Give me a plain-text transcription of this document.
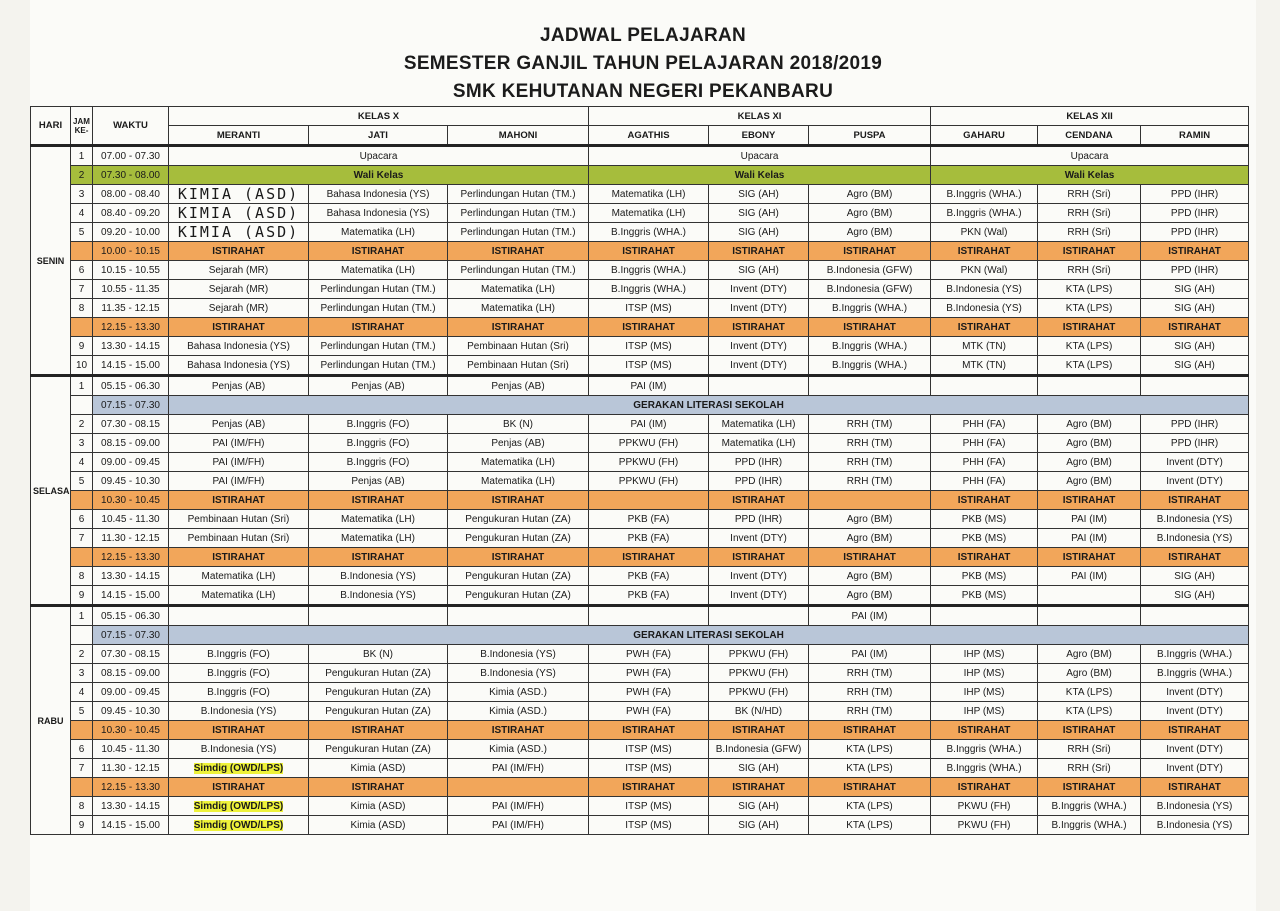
JADWAL PELAJARAN
SEMESTER GANJIL TAHUN PELAJARAN 2018/2019
SMK KEHUTANAN NEGERI PEKANBARU
HARI	JAM KE-	WAKTU	KELAS X			KELAS XI			KELAS XII		
			MERANTI	JATI	MAHONI	AGATHIS	EBONY	PUSPA	GAHARU	CENDANA	RAMIN
SENIN	1	07.00 - 07.30	Upacara			Upacara			Upacara		
	2	07.30 - 08.00	Wali Kelas			Wali Kelas			Wali Kelas		
	3	08.00 - 08.40	KIMIA (ASD)	Bahasa Indonesia (YS)	Perlindungan Hutan (TM.)	Matematika (LH)	SIG (AH)	Agro (BM)	B.Inggris (WHA.)	RRH (Sri)	PPD (IHR)
	4	08.40 - 09.20	KIMIA (ASD)	Bahasa Indonesia (YS)	Perlindungan Hutan (TM.)	Matematika (LH)	SIG (AH)	Agro (BM)	B.Inggris (WHA.)	RRH (Sri)	PPD (IHR)
	5	09.20 - 10.00	KIMIA (ASD)	Matematika (LH)	Perlindungan Hutan (TM.)	B.Inggris (WHA.)	SIG (AH)	Agro (BM)	PKN (Wal)	RRH (Sri)	PPD (IHR)
		10.00 - 10.15	ISTIRAHAT	ISTIRAHAT	ISTIRAHAT	ISTIRAHAT	ISTIRAHAT	ISTIRAHAT	ISTIRAHAT	ISTIRAHAT	ISTIRAHAT
	6	10.15 - 10.55	Sejarah (MR)	Matematika (LH)	Perlindungan Hutan (TM.)	B.Inggris (WHA.)	SIG (AH)	B.Indonesia (GFW)	PKN (Wal)	RRH (Sri)	PPD (IHR)
	7	10.55 - 11.35	Sejarah (MR)	Perlindungan Hutan (TM.)	Matematika (LH)	B.Inggris (WHA.)	Invent (DTY)	B.Indonesia (GFW)	B.Indonesia (YS)	KTA (LPS)	SIG (AH)
	8	11.35 - 12.15	Sejarah (MR)	Perlindungan Hutan (TM.)	Matematika (LH)	ITSP (MS)	Invent (DTY)	B.Inggris (WHA.)	B.Indonesia (YS)	KTA (LPS)	SIG (AH)
		12.15 - 13.30	ISTIRAHAT	ISTIRAHAT	ISTIRAHAT	ISTIRAHAT	ISTIRAHAT	ISTIRAHAT	ISTIRAHAT	ISTIRAHAT	ISTIRAHAT
	9	13.30 - 14.15	Bahasa Indonesia (YS)	Perlindungan Hutan (TM.)	Pembinaan Hutan (Sri)	ITSP (MS)	Invent (DTY)	B.Inggris (WHA.)	MTK (TN)	KTA (LPS)	SIG (AH)
	10	14.15 - 15.00	Bahasa Indonesia (YS)	Perlindungan Hutan (TM.)	Pembinaan Hutan (Sri)	ITSP (MS)	Invent (DTY)	B.Inggris (WHA.)	MTK (TN)	KTA (LPS)	SIG (AH)
SELASA	1	05.15 - 06.30	Penjas (AB)	Penjas (AB)	Penjas (AB)	PAI (IM)					
		07.15 - 07.30	GERAKAN LITERASI SEKOLAH								
	2	07.30 - 08.15	Penjas (AB)	B.Inggris (FO)	BK (N)	PAI (IM)	Matematika (LH)	RRH (TM)	PHH (FA)	Agro (BM)	PPD (IHR)
	3	08.15 - 09.00	PAI (IM/FH)	B.Inggris (FO)	Penjas (AB)	PPKWU (FH)	Matematika (LH)	RRH (TM)	PHH (FA)	Agro (BM)	PPD (IHR)
	4	09.00 - 09.45	PAI (IM/FH)	B.Inggris (FO)	Matematika (LH)	PPKWU (FH)	PPD (IHR)	RRH (TM)	PHH (FA)	Agro (BM)	Invent (DTY)
	5	09.45 - 10.30	PAI (IM/FH)	Penjas (AB)	Matematika (LH)	PPKWU (FH)	PPD (IHR)	RRH (TM)	PHH (FA)	Agro (BM)	Invent (DTY)
		10.30 - 10.45	ISTIRAHAT	ISTIRAHAT	ISTIRAHAT		ISTIRAHAT		ISTIRAHAT	ISTIRAHAT	ISTIRAHAT
	6	10.45 - 11.30	Pembinaan Hutan (Sri)	Matematika (LH)	Pengukuran Hutan (ZA)	PKB (FA)	PPD (IHR)	Agro (BM)	PKB (MS)	PAI (IM)	B.Indonesia (YS)
	7	11.30 - 12.15	Pembinaan Hutan (Sri)	Matematika (LH)	Pengukuran Hutan (ZA)	PKB (FA)	Invent (DTY)	Agro (BM)	PKB (MS)	PAI (IM)	B.Indonesia (YS)
		12.15 - 13.30	ISTIRAHAT	ISTIRAHAT	ISTIRAHAT	ISTIRAHAT	ISTIRAHAT	ISTIRAHAT	ISTIRAHAT	ISTIRAHAT	ISTIRAHAT
	8	13.30 - 14.15	Matematika (LH)	B.Indonesia (YS)	Pengukuran Hutan (ZA)	PKB (FA)	Invent (DTY)	Agro (BM)	PKB (MS)	PAI (IM)	SIG (AH)
	9	14.15 - 15.00	Matematika (LH)	B.Indonesia (YS)	Pengukuran Hutan (ZA)	PKB (FA)	Invent (DTY)	Agro (BM)	PKB (MS)		SIG (AH)
RABU	1	05.15 - 06.30						PAI (IM)			
		07.15 - 07.30	GERAKAN LITERASI SEKOLAH								
	2	07.30 - 08.15	B.Inggris (FO)	BK (N)	B.Indonesia (YS)	PWH (FA)	PPKWU (FH)	PAI (IM)	IHP (MS)	Agro (BM)	B.Inggris (WHA.)
	3	08.15 - 09.00	B.Inggris (FO)	Pengukuran Hutan (ZA)	B.Indonesia (YS)	PWH (FA)	PPKWU (FH)	RRH (TM)	IHP (MS)	Agro (BM)	B.Inggris (WHA.)
	4	09.00 - 09.45	B.Inggris (FO)	Pengukuran Hutan (ZA)	Kimia (ASD.)	PWH (FA)	PPKWU (FH)	RRH (TM)	IHP (MS)	KTA (LPS)	Invent (DTY)
	5	09.45 - 10.30	B.Indonesia (YS)	Pengukuran Hutan (ZA)	Kimia (ASD.)	PWH (FA)	BK (N/HD)	RRH (TM)	IHP (MS)	KTA (LPS)	Invent (DTY)
		10.30 - 10.45	ISTIRAHAT	ISTIRAHAT	ISTIRAHAT	ISTIRAHAT	ISTIRAHAT	ISTIRAHAT	ISTIRAHAT	ISTIRAHAT	ISTIRAHAT
	6	10.45 - 11.30	B.Indonesia (YS)	Pengukuran Hutan (ZA)	Kimia (ASD.)	ITSP (MS)	B.Indonesia (GFW)	KTA (LPS)	B.Inggris (WHA.)	RRH (Sri)	Invent (DTY)
	7	11.30 - 12.15	Simdig (OWD/LPS)	Kimia (ASD)	PAI (IM/FH)	ITSP (MS)	SIG (AH)	KTA (LPS)	B.Inggris (WHA.)	RRH (Sri)	Invent (DTY)
		12.15 - 13.30	ISTIRAHAT	ISTIRAHAT		ISTIRAHAT	ISTIRAHAT	ISTIRAHAT	ISTIRAHAT	ISTIRAHAT	ISTIRAHAT
	8	13.30 - 14.15	Simdig (OWD/LPS)	Kimia (ASD)	PAI (IM/FH)	ITSP (MS)	SIG (AH)	KTA (LPS)	PKWU (FH)	B.Inggris (WHA.)	B.Indonesia (YS)
	9	14.15 - 15.00	Simdig (OWD/LPS)	Kimia (ASD)	PAI (IM/FH)	ITSP (MS)	SIG (AH)	KTA (LPS)	PKWU (FH)	B.Inggris (WHA.)	B.Indonesia (YS)
